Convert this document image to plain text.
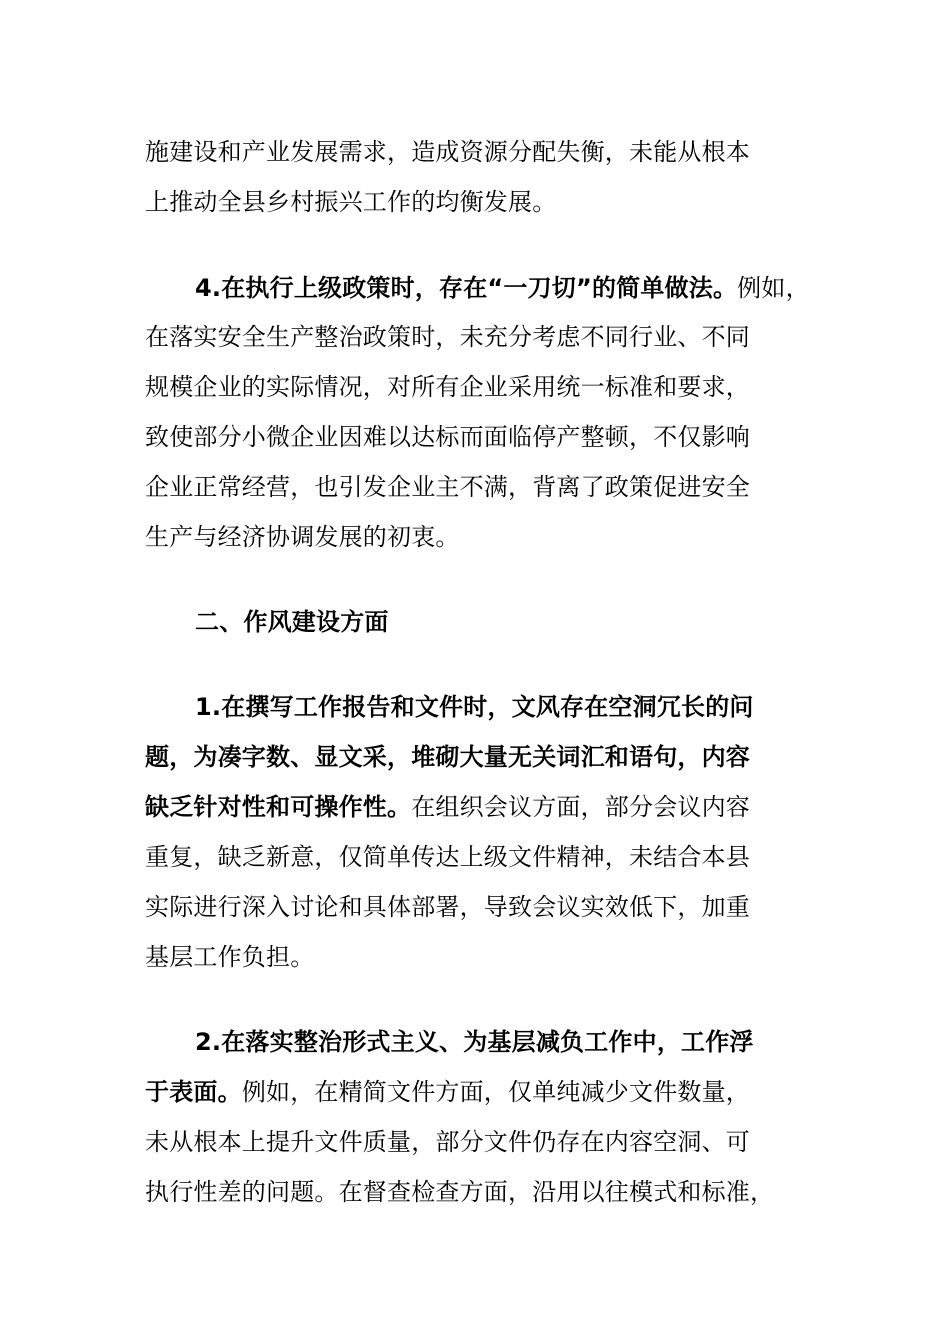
施建设和产业发展需求，造成资源分配失衡，未能从根本
上推动全县乡村振兴工作的均衡发展。
4.在执行上级政策时，存在“一刀切”的简单做法。例如，
在落实安全生产整治政策时，未充分考虑不同行业、不同
规模企业的实际情况，对所有企业采用统一标准和要求，
致使部分小微企业因难以达标而面临停产整顿，不仅影响
企业正常经营，也引发企业主不满，背离了政策促进安全
生产与经济协调发展的初衷。
二、作风建设方面
1.在撰写工作报告和文件时，文风存在空洞冗长的问
题，为凑字数、显文采，堆砌大量无关词汇和语句，内容
缺乏针对性和可操作性。在组织会议方面，部分会议内容
重复，缺乏新意，仅简单传达上级文件精神，未结合本县
实际进行深入讨论和具体部署，导致会议实效低下，加重
基层工作负担。
2.在落实整治形式主义、为基层减负工作中，工作浮
于表面。例如，在精简文件方面，仅单纯减少文件数量，
未从根本上提升文件质量，部分文件仍存在内容空洞、可
执行性差的问题。在督查检查方面，沿用以往模式和标准，
